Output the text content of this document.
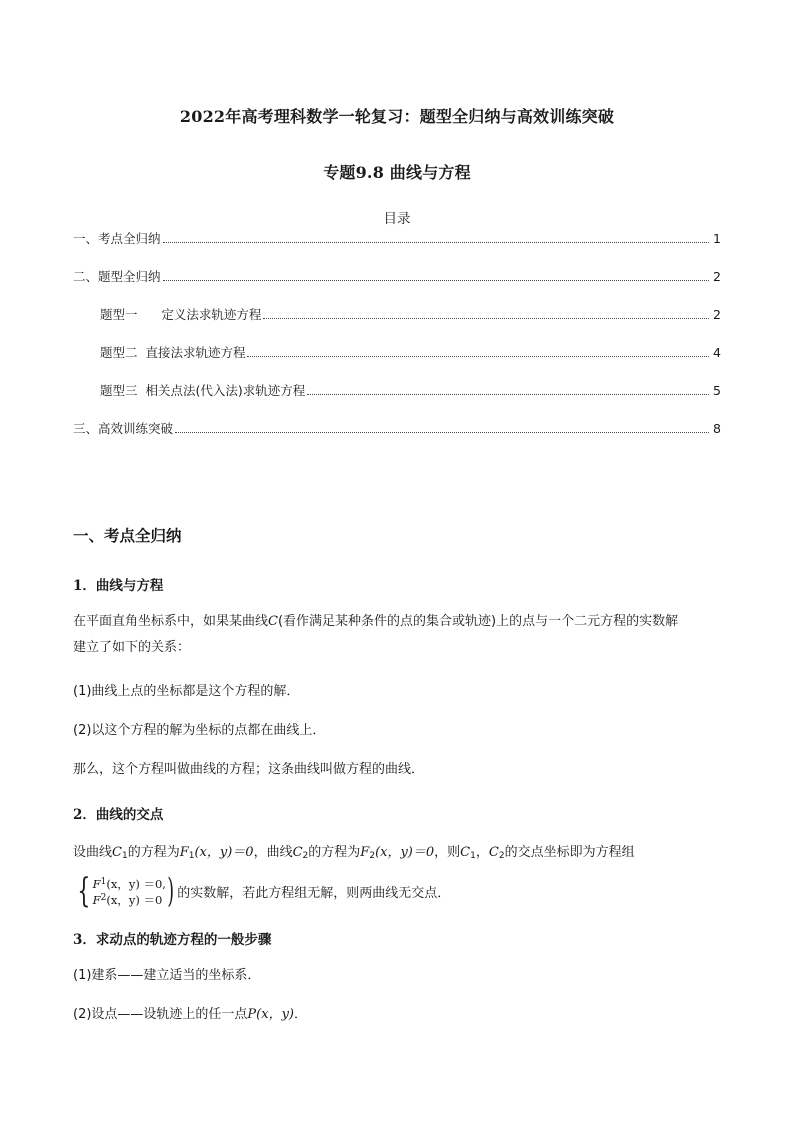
2022年高考理科数学一轮复习：题型全归纳与高效训练突破
专题9.8 曲线与方程
目录
一、考点全归纳	1
二、题型全归纳	2
题型一      定义法求轨迹方程	2
题型二  直接法求轨迹方程	4
题型三  相关点法(代入法)求轨迹方程	5
三、高效训练突破	8
一、考点全归纳
1．曲线与方程

在平面直角坐标系中，如果某曲线C(看作满足某种条件的点的集合或轨迹)上的点与一个二元方程的实数解
建立了如下的关系：

(1)曲线上点的坐标都是这个方程的解．

(2)以这个方程的解为坐标的点都在曲线上．

那么，这个方程叫做曲线的方程；这条曲线叫做方程的曲线．

2．曲线的交点

设曲线$C_1$的方程为$F_1(x$，y)＝0，曲线$C_2$的方程为$F_2(x$，y)＝0，则$C_1$，$C_2$的交点坐标即为方程组

{ $F^1(x$，y) ＝0,
$F^2(x$，y) ＝0 ) 的实数解，若此方程组无解，则两曲线无交点．
3．求动点的轨迹方程的一般步骤

(1)建系——建立适当的坐标系．

(2)设点——设轨迹上的任一点P(x，y)．
